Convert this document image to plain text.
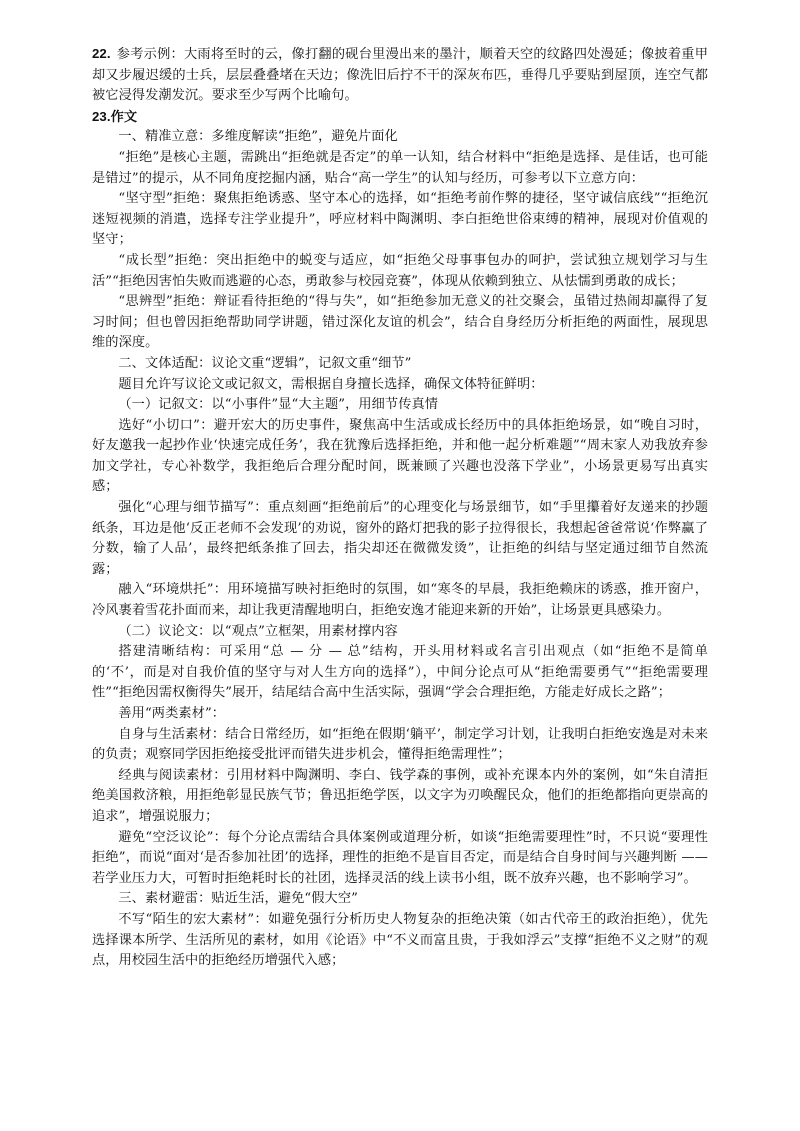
22. 参考示例：大雨将至时的云，像打翻的砚台里漫出来的墨汁，顺着天空的纹路四处漫延；像披着重甲却又步履迟缓的士兵，层层叠叠堵在天边；像洗旧后拧不干的深灰布匹，垂得几乎要贴到屋顶，连空气都被它浸得发潮发沉。要求至少写两个比喻句。

23.作文

一、精准立意：多维度解读“拒绝”，避免片面化

“拒绝”是核心主题，需跳出“拒绝就是否定”的单一认知，结合材料中“拒绝是选择、是佳话，也可能是错过”的提示，从不同角度挖掘内涵，贴合“高一学生”的认知与经历，可参考以下立意方向：

“坚守型”拒绝：聚焦拒绝诱惑、坚守本心的选择，如“拒绝考前作弊的捷径，坚守诚信底线”“拒绝沉迷短视频的消遣，选择专注学业提升”，呼应材料中陶渊明、李白拒绝世俗束缚的精神，展现对价值观的坚守；

“成长型”拒绝：突出拒绝中的蜕变与适应，如“拒绝父母事事包办的呵护，尝试独立规划学习与生活”“拒绝因害怕失败而逃避的心态，勇敢参与校园竞赛”，体现从依赖到独立、从怯懦到勇敢的成长；

“思辨型”拒绝：辩证看待拒绝的“得与失”，如“拒绝参加无意义的社交聚会，虽错过热闹却赢得了复习时间；但也曾因拒绝帮助同学讲题，错过深化友谊的机会”，结合自身经历分析拒绝的两面性，展现思维的深度。

二、文体适配：议论文重“逻辑”，记叙文重“细节”

题目允许写议论文或记叙文，需根据自身擅长选择，确保文体特征鲜明：

（一）记叙文：以“小事件”显“大主题”，用细节传真情

选好“小切口”：避开宏大的历史事件，聚焦高中生活或成长经历中的具体拒绝场景，如“晚自习时，好友邀我一起抄作业‘快速完成任务’，我在犹豫后选择拒绝，并和他一起分析难题”“周末家人劝我放弃参加文学社，专心补数学，我拒绝后合理分配时间，既兼顾了兴趣也没落下学业”，小场景更易写出真实感；

强化“心理与细节描写”：重点刻画“拒绝前后”的心理变化与场景细节，如“手里攥着好友递来的抄题纸条，耳边是他‘反正老师不会发现’的劝说，窗外的路灯把我的影子拉得很长，我想起爸爸常说‘作弊赢了分数，输了人品’，最终把纸条推了回去，指尖却还在微微发烫”，让拒绝的纠结与坚定通过细节自然流露；

融入“环境烘托”：用环境描写映衬拒绝时的氛围，如“寒冬的早晨，我拒绝赖床的诱惑，推开窗户，冷风裹着雪花扑面而来，却让我更清醒地明白，拒绝安逸才能迎来新的开始”，让场景更具感染力。

（二）议论文：以“观点”立框架，用素材撑内容

搭建清晰结构：可采用“总 — 分 — 总”结构，开头用材料或名言引出观点（如“拒绝不是简单的‘不’，而是对自我价值的坚守与对人生方向的选择”），中间分论点可从“拒绝需要勇气”“拒绝需要理性”“拒绝因需权衡得失”展开，结尾结合高中生活实际，强调“学会合理拒绝，方能走好成长之路”；

善用“两类素材”：

自身与生活素材：结合日常经历，如“拒绝在假期‘躺平’，制定学习计划，让我明白拒绝安逸是对未来的负责；观察同学因拒绝接受批评而错失进步机会，懂得拒绝需理性”；

经典与阅读素材：引用材料中陶渊明、李白、钱学森的事例，或补充课本内外的案例，如“朱自清拒绝美国救济粮，用拒绝彰显民族气节；鲁迅拒绝学医，以文字为刃唤醒民众，他们的拒绝都指向更崇高的追求”，增强说服力；

避免“空泛议论”：每个分论点需结合具体案例或道理分析，如谈“拒绝需要理性”时，不只说“要理性拒绝”，而说“面对‘是否参加社团’的选择，理性的拒绝不是盲目否定，而是结合自身时间与兴趣判断 —— 若学业压力大，可暂时拒绝耗时长的社团，选择灵活的线上读书小组，既不放弃兴趣，也不影响学习”。

三、素材避雷：贴近生活，避免“假大空”

不写“陌生的宏大素材”：如避免强行分析历史人物复杂的拒绝决策（如古代帝王的政治拒绝），优先选择课本所学、生活所见的素材，如用《论语》中“不义而富且贵，于我如浮云”支撑“拒绝不义之财”的观点，用校园生活中的拒绝经历增强代入感；
